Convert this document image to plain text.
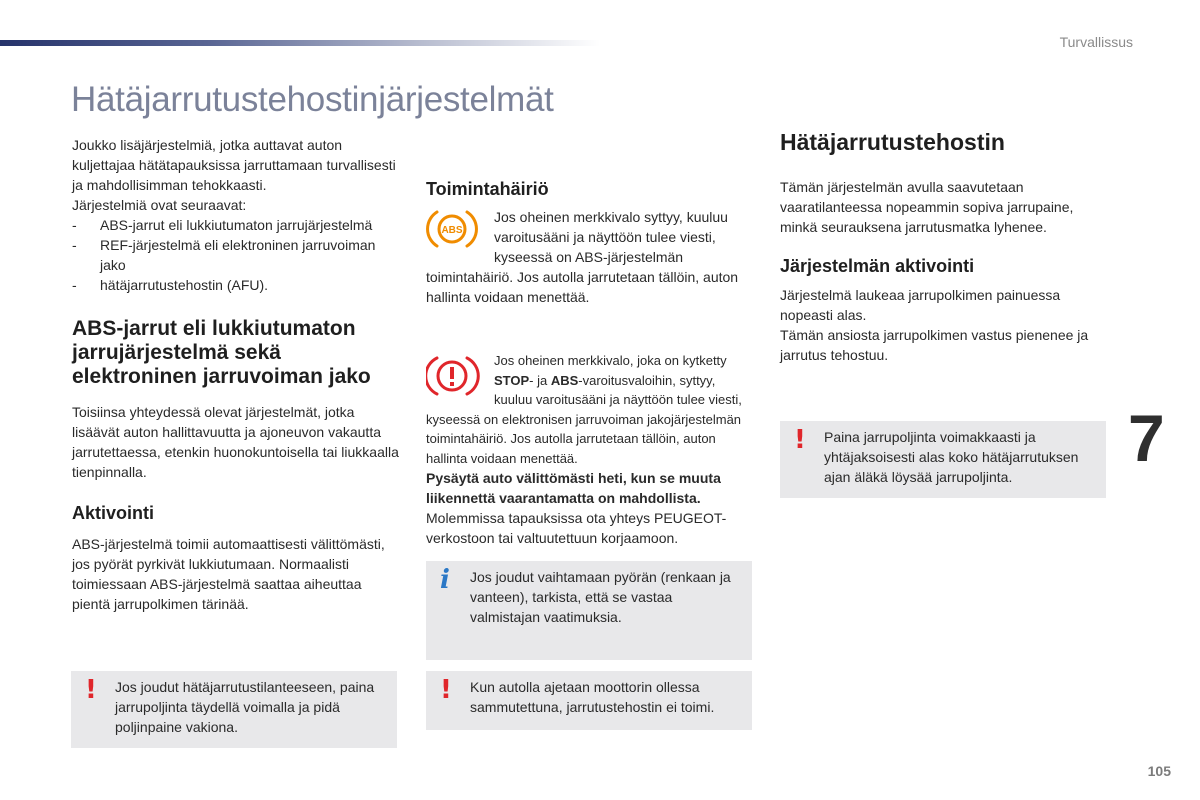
Turvallissus
Hätäjarrutustehostinjärjestelmät

Joukko lisäjärjestelmiä, jotka auttavat auton kuljettajaa hätätapauksissa jarruttamaan turvallisesti ja mahdollisimman tehokkaasti.

Järjestelmiä ovat seuraavat:

- ABS-jarrut eli lukkiutumaton jarrujärjestelmä
- REF-järjestelmä eli elektroninen jarruvoiman jako
- hätäjarrutustehostin (AFU).
ABS-jarrut eli lukkiutumaton jarrujärjestelmä sekä elektroninen jarruvoiman jako

Toisiinsa yhteydessä olevat järjestelmät, jotka lisäävät auton hallittavuutta ja ajoneuvon vakautta jarrutettaessa, etenkin huonokuntoisella tai liukkaalla tienpinnalla.

Aktivointi

ABS-järjestelmä toimii automaattisesti välittömästi, jos pyörät pyrkivät lukkiutumaan. Normaalisti toimiessaan ABS-järjestelmä saattaa aiheuttaa pientä jarrupolkimen tärinää.

Toimintahäiriö
ABS

Jos oheinen merkkivalo syttyy, kuuluu varoitusääni ja näyttöön tulee viesti, kyseessä on ABS-järjestelmän toimintahäiriö. Jos autolla jarrutetaan tällöin, auton hallinta voidaan menettää.

Jos oheinen merkkivalo, joka on kytketty STOP- ja ABS-varoitusvaloihin, syttyy, kuuluu varoitusääni ja näyttöön tulee viesti, kyseessä on elektronisen jarruvoiman jakojärjestelmän toimintahäiriö. Jos autolla jarrutetaan tällöin, auton hallinta voidaan menettää.

Pysäytä auto välittömästi heti, kun se muuta liikennettä vaarantamatta on mahdollista.

Molemmissa tapauksissa ota yhteys PEUGEOT-verkostoon tai valtuutettuun korjaamoon.

Hätäjarrutustehostin

Tämän järjestelmän avulla saavutetaan vaaratilanteessa nopeammin sopiva jarrupaine, minkä seurauksena jarrutusmatka lyhenee.

Järjestelmän aktivointi

Järjestelmä laukeaa jarrupolkimen painuessa nopeasti alas.

Tämän ansiosta jarrupolkimen vastus pienenee ja jarrutus tehostuu.

! Paina jarrupoljinta voimakkaasti ja yhtäjaksoisesti alas koko hätäjarrutuksen ajan äläkä löysää jarrupoljinta.
i Jos joudut vaihtamaan pyörän (renkaan ja vanteen), tarkista, että se vastaa valmistajan vaatimuksia.
! Jos joudut hätäjarrutustilanteeseen, paina jarrupoljinta täydellä voimalla ja pidä poljinpaine vakiona.
! Kun autolla ajetaan moottorin ollessa sammutettuna, jarrutustehostin ei toimi.
7
105
